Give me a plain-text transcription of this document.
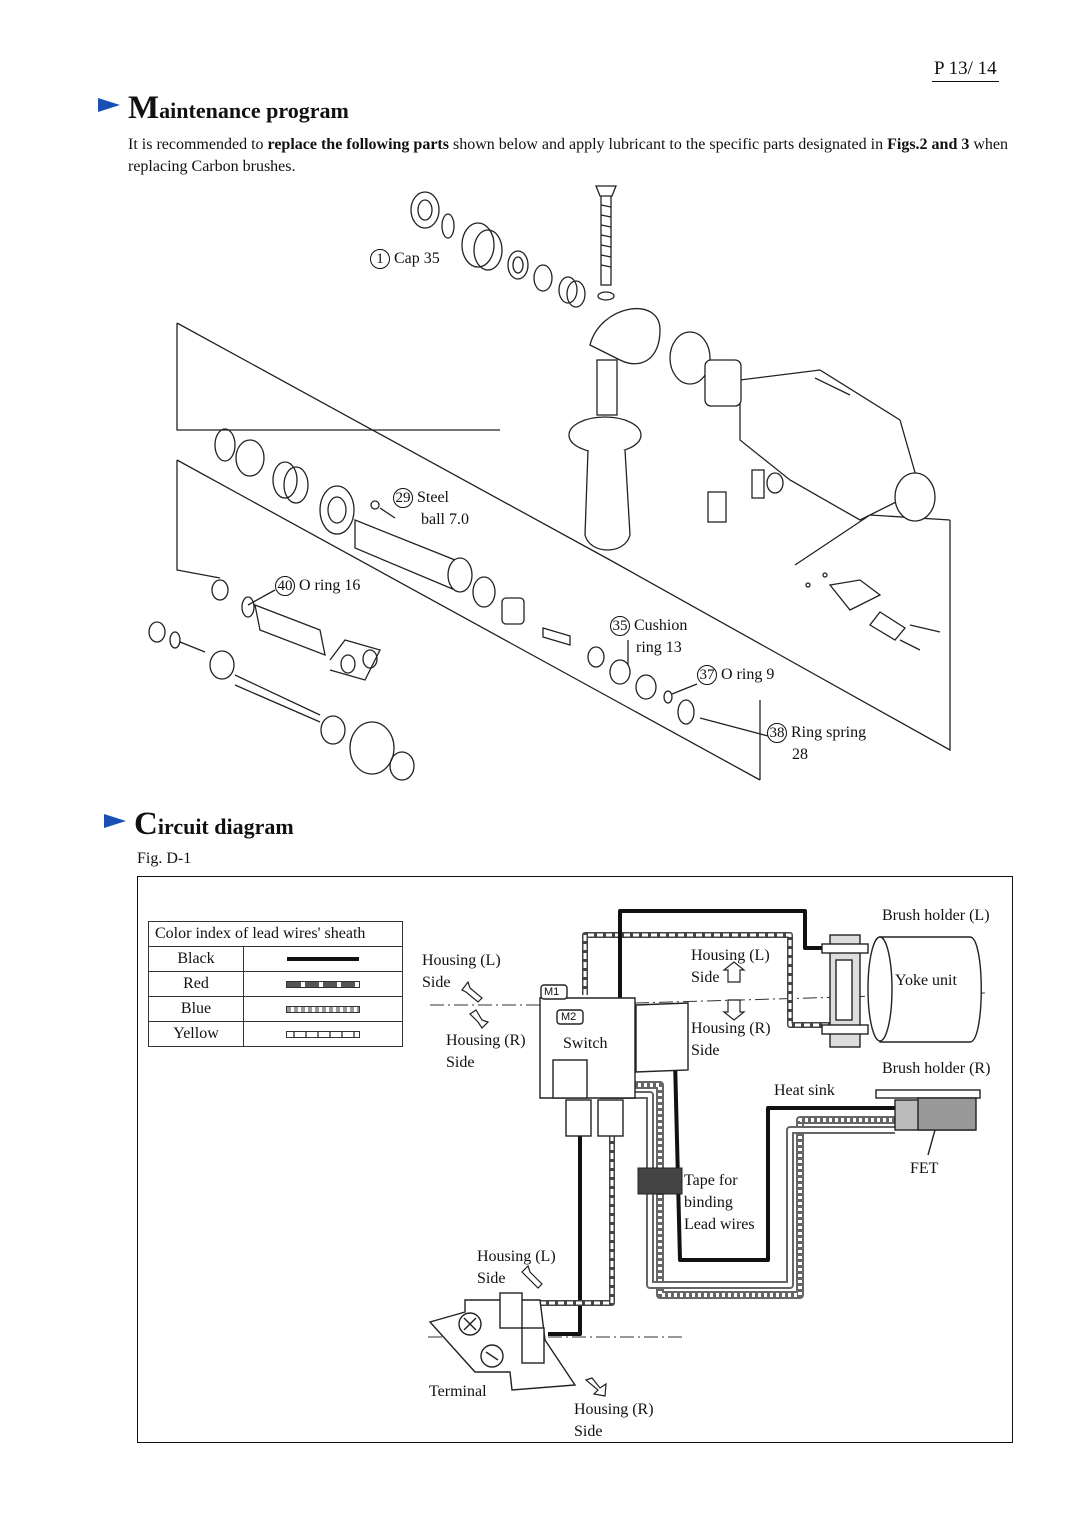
P 13/ 14
M aintenance program
It is recommended to replace the following parts shown below and apply lubricant to the specific parts designated in Figs.2 and 3 when replacing Carbon brushes.
1 Cap 35
29 Steel
ball 7.0
40 O ring 16
35 Cushion
ring 13
37 O ring 9
38 Ring spring
28
C ircuit diagram
Fig. D-1
Color index of lead wires' sheath	
Black	
Red	
Blue	
Yellow	
Housing (L)
Side
Housing (R)
Side
Switch
M1
M2
Housing (L)
Side
Housing (R)
Side
Brush holder (L)
Yoke unit
Brush holder (R)
Heat sink
FET
Tape for
binding
Lead wires
Housing (L)
Side
Terminal
Housing (R)
Side
